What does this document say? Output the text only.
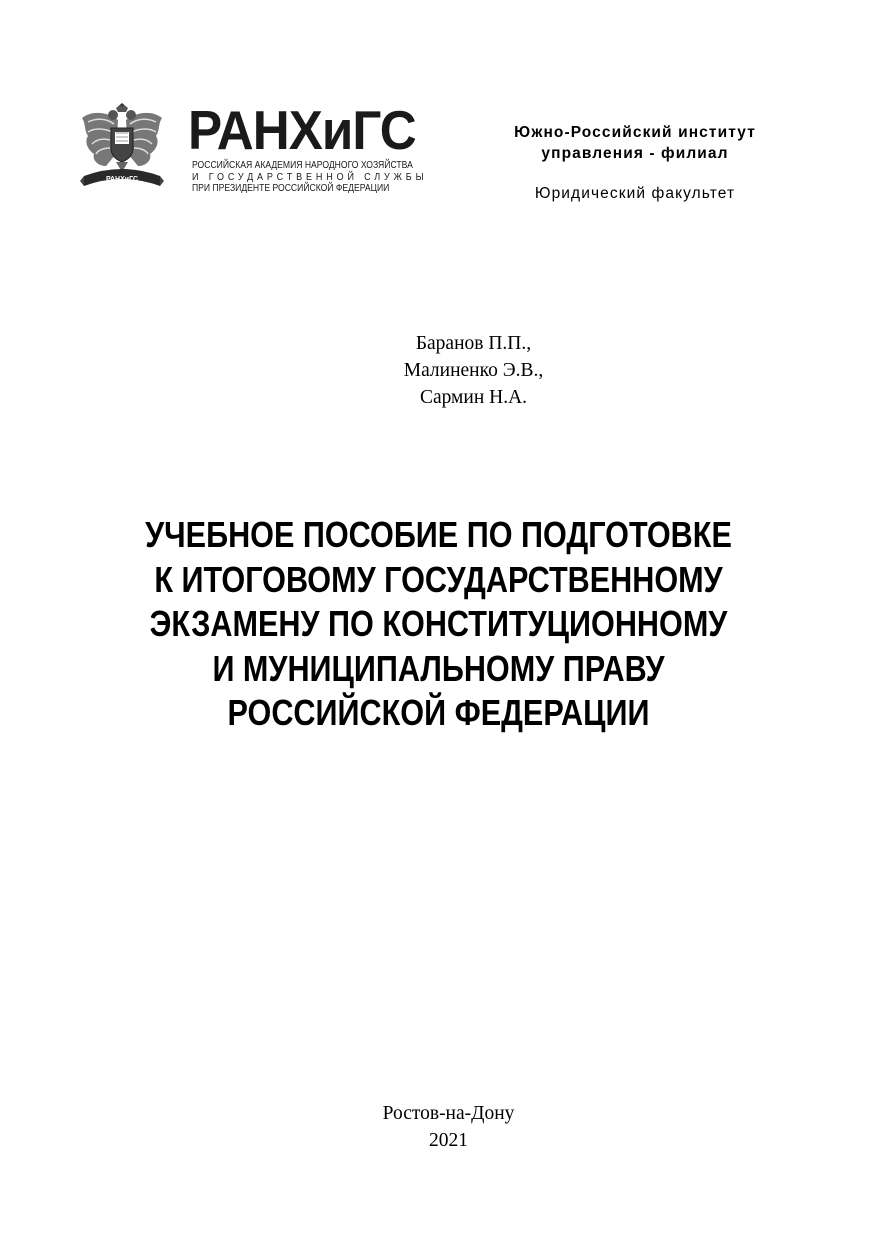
РАНХиГС
РАНХиГС
РОССИЙСКАЯ АКАДЕМИЯ НАРОДНОГО ХОЗЯЙСТВА
И ГОСУДАРСТВЕННОЙ СЛУЖБЫ
ПРИ ПРЕЗИДЕНТЕ РОССИЙСКОЙ ФЕДЕРАЦИИ
Южно-Российский институт
управления - филиал
Юридический факультет
Баранов П.П.,
Малиненко Э.В.,
Сармин Н.А.
УЧЕБНОЕ ПОСОБИЕ ПО ПОДГОТОВКЕ
К ИТОГОВОМУ ГОСУДАРСТВЕННОМУ
ЭКЗАМЕНУ ПО КОНСТИТУЦИОННОМУ
И МУНИЦИПАЛЬНОМУ ПРАВУ
РОССИЙСКОЙ ФЕДЕРАЦИИ
Ростов-на-Дону
2021
